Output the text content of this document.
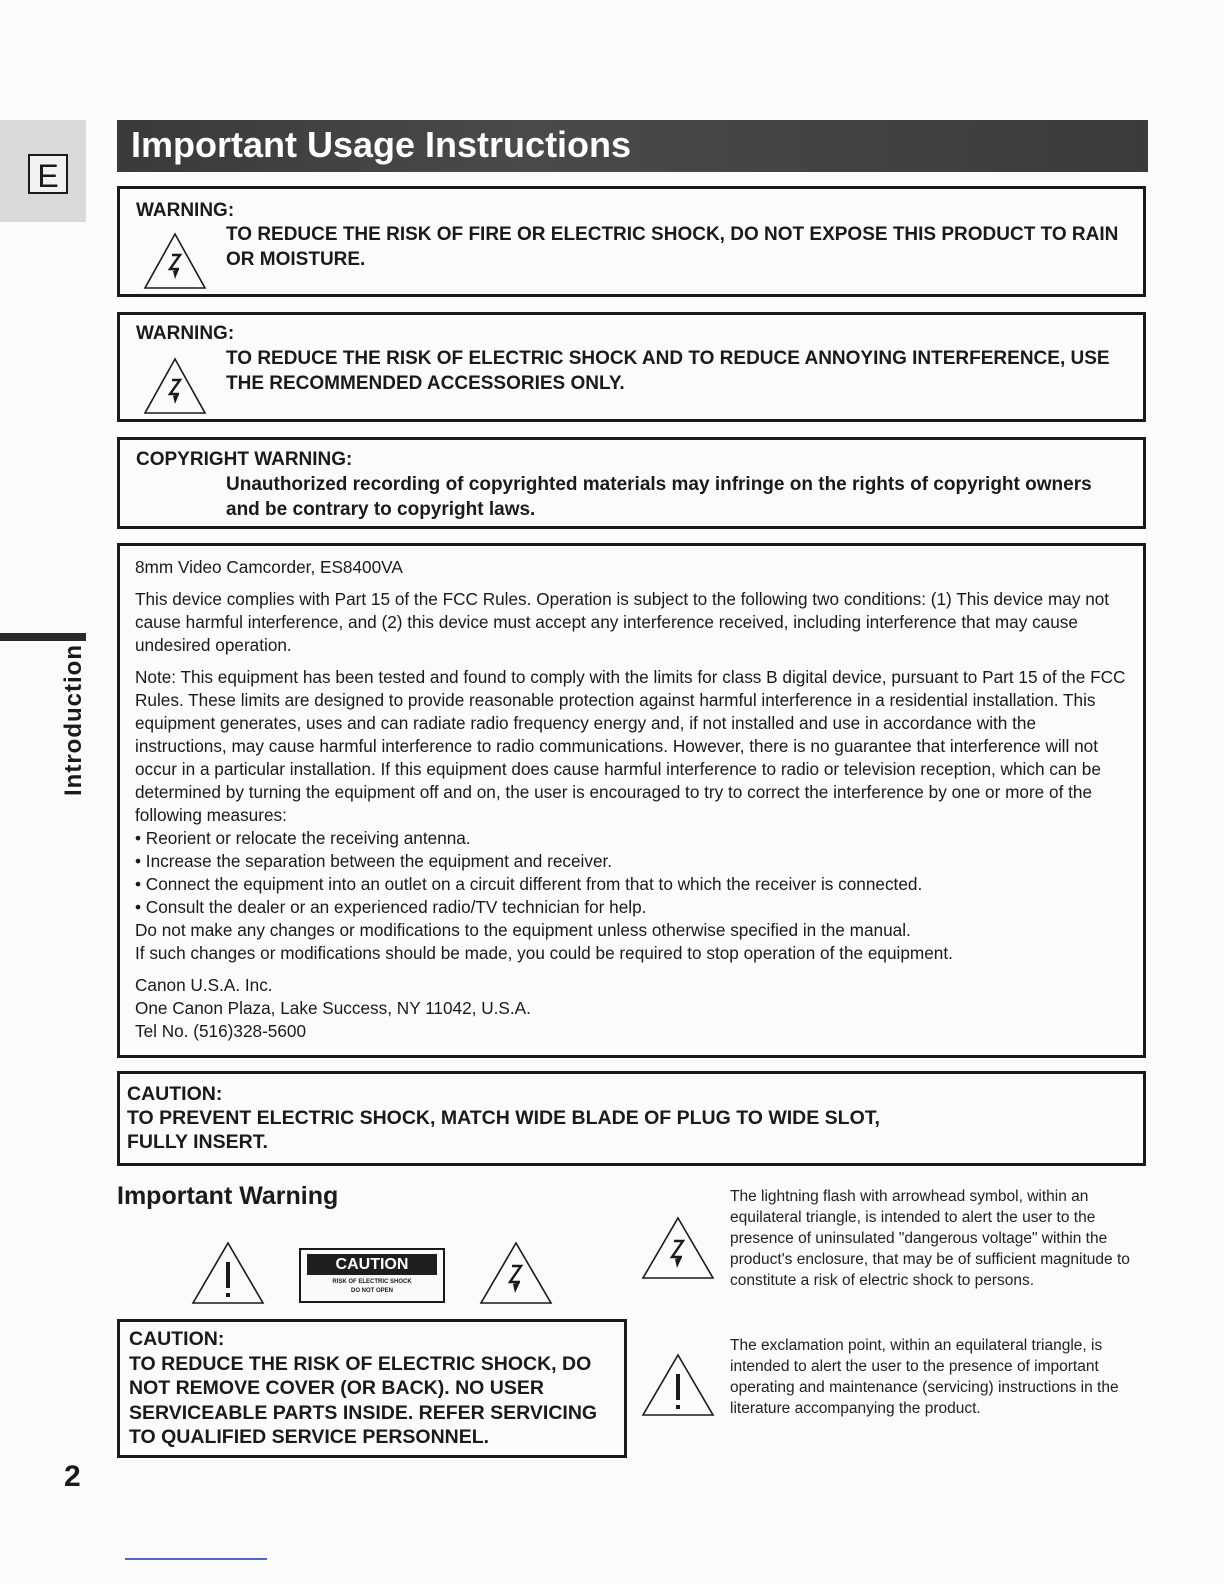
E
Introduction
2
Important Usage Instructions
WARNING:
TO REDUCE THE RISK OF FIRE OR ELECTRIC SHOCK, DO NOT EXPOSE THIS PRODUCT TO RAIN OR MOISTURE.
WARNING:
TO REDUCE THE RISK OF ELECTRIC SHOCK AND TO REDUCE ANNOYING INTERFERENCE, USE THE RECOMMENDED ACCESSORIES ONLY.
COPYRIGHT WARNING:
Unauthorized recording of copyrighted materials may infringe on the rights of copyright owners and be contrary to copyright laws.

8mm Video Camcorder, ES8400VA

This device complies with Part 15 of the FCC Rules. Operation is subject to the following two conditions: (1) This device may not cause harmful interference, and (2) this device must accept any interference received, including interference that may cause undesired operation.

Note: This equipment has been tested and found to comply with the limits for class B digital device, pursuant to Part 15 of the FCC Rules. These limits are designed to provide reasonable protection against harmful interference in a residential installation. This equipment generates, uses and can radiate radio frequency energy and, if not installed and use in accordance with the instructions, may cause harmful interference to radio communications. However, there is no guarantee that interference will not occur in a particular installation. If this equipment does cause harmful interference to radio or television reception, which can be determined by turning the equipment off and on, the user is encouraged to try to correct the interference by one or more of the following measures:

• Reorient or relocate the receiving antenna.

• Increase the separation between the equipment and receiver.

• Connect the equipment into an outlet on a circuit different from that to which the receiver is connected.

• Consult the dealer or an experienced radio/TV technician for help.

Do not make any changes or modifications to the equipment unless otherwise specified in the manual.

If such changes or modifications should be made, you could be required to stop operation of the equipment.

Canon U.S.A. Inc.

One Canon Plaza, Lake Success, NY 11042, U.S.A.

Tel No. (516)328-5600

CAUTION:
TO PREVENT ELECTRIC SHOCK, MATCH WIDE BLADE OF PLUG TO WIDE SLOT,
FULLY INSERT.
Important Warning
CAUTION
RISK OF ELECTRIC SHOCK
DO NOT OPEN
CAUTION:
TO REDUCE THE RISK OF ELECTRIC SHOCK, DO NOT REMOVE COVER (OR BACK). NO USER SERVICEABLE PARTS INSIDE. REFER SERVICING TO QUALIFIED SERVICE PERSONNEL.
The lightning flash with arrowhead symbol, within an equilateral triangle, is intended to alert the user to the presence of uninsulated "dangerous voltage" within the product's enclosure, that may be of sufficient magnitude to constitute a risk of electric shock to persons.
The exclamation point, within an equilateral triangle, is intended to alert the user to the presence of important operating and maintenance (servicing) instructions in the literature accompanying the product.
